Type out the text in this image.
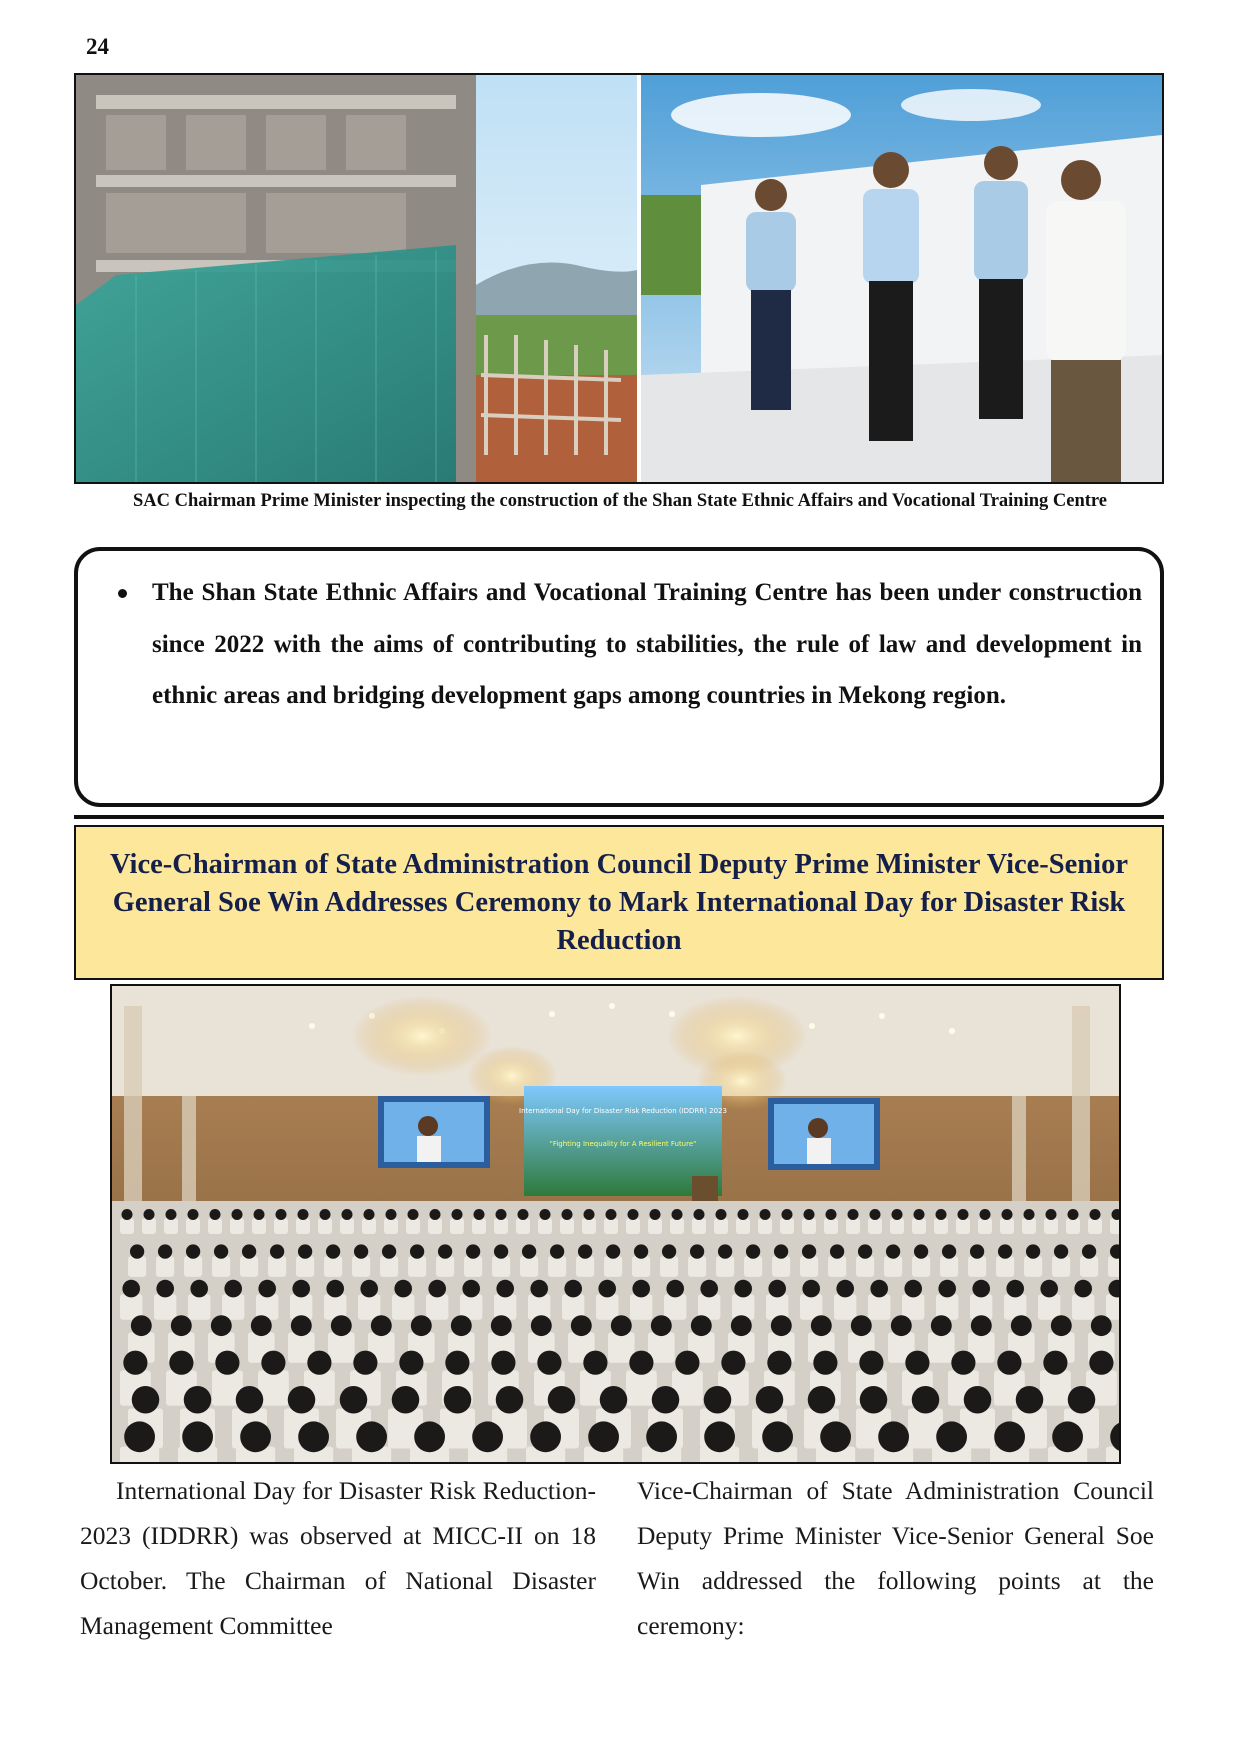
24
SAC Chairman Prime Minister inspecting the construction of the Shan State Ethnic Affairs and Vocational Training Centre
The Shan State Ethnic Affairs and Vocational Training Centre has been under construction since 2022 with the aims of contributing to stabilities, the rule of law and development in ethnic areas and bridging development gaps among countries in Mekong region.
Vice-Chairman of State Administration Council Deputy Prime Minister Vice-Senior General Soe Win Addresses Ceremony to Mark International Day for Disaster Risk Reduction
International Day for Disaster Risk Reduction (IDDRR) 2023
"Fighting Inequality for A Resilient Future"
International Day for Disaster Risk Reduction-2023 (IDDRR) was observed at MICC-II on 18 October. The Chairman of National Disaster Management Committee
Vice-Chairman of State Administration Council Deputy Prime Minister Vice-Senior General Soe Win addressed the following points at the ceremony:
